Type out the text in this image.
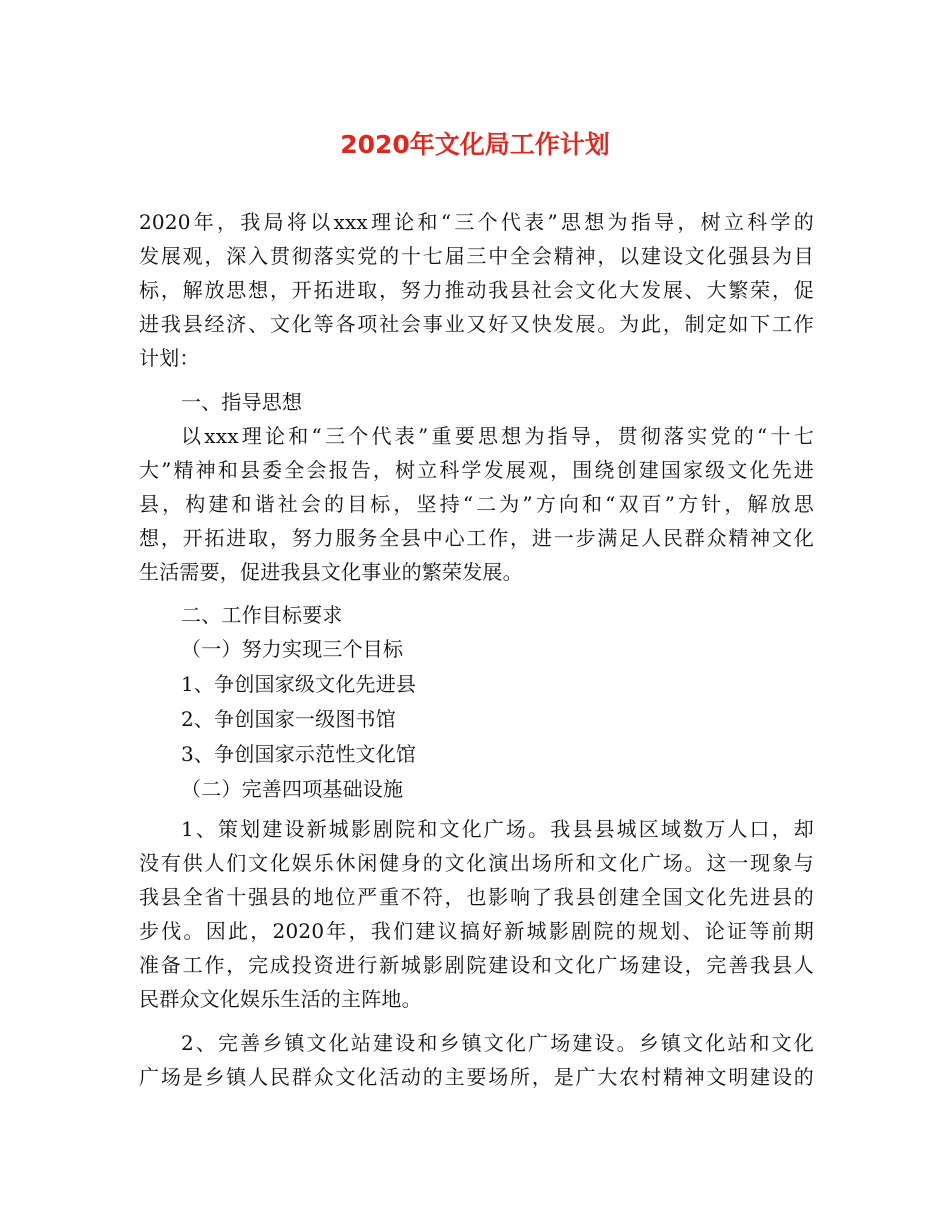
2020年文化局工作计划

2020年，我局将以xxx理论和“三个代表”思想为指导，树立科学的

发展观，深入贯彻落实党的十七届三中全会精神，以建设文化强县为目

标，解放思想，开拓进取，努力推动我县社会文化大发展、大繁荣，促

进我县经济、文化等各项社会事业又好又快发展。为此，制定如下工作

计划：

一、指导思想

以xxx理论和“三个代表”重要思想为指导，贯彻落实党的“十七

大”精神和县委全会报告，树立科学发展观，围绕创建国家级文化先进

县，构建和谐社会的目标，坚持“二为”方向和“双百”方针，解放思

想，开拓进取，努力服务全县中心工作，进一步满足人民群众精神文化

生活需要，促进我县文化事业的繁荣发展。

二、工作目标要求

（一）努力实现三个目标

1、争创国家级文化先进县

2、争创国家一级图书馆

3、争创国家示范性文化馆

（二）完善四项基础设施

1、策划建设新城影剧院和文化广场。我县县城区域数万人口，却

没有供人们文化娱乐休闲健身的文化演出场所和文化广场。这一现象与

我县全省十强县的地位严重不符，也影响了我县创建全国文化先进县的

步伐。因此，2020年，我们建议搞好新城影剧院的规划、论证等前期

准备工作，完成投资进行新城影剧院建设和文化广场建设，完善我县人

民群众文化娱乐生活的主阵地。

2、完善乡镇文化站建设和乡镇文化广场建设。乡镇文化站和文化

广场是乡镇人民群众文化活动的主要场所，是广大农村精神文明建设的
